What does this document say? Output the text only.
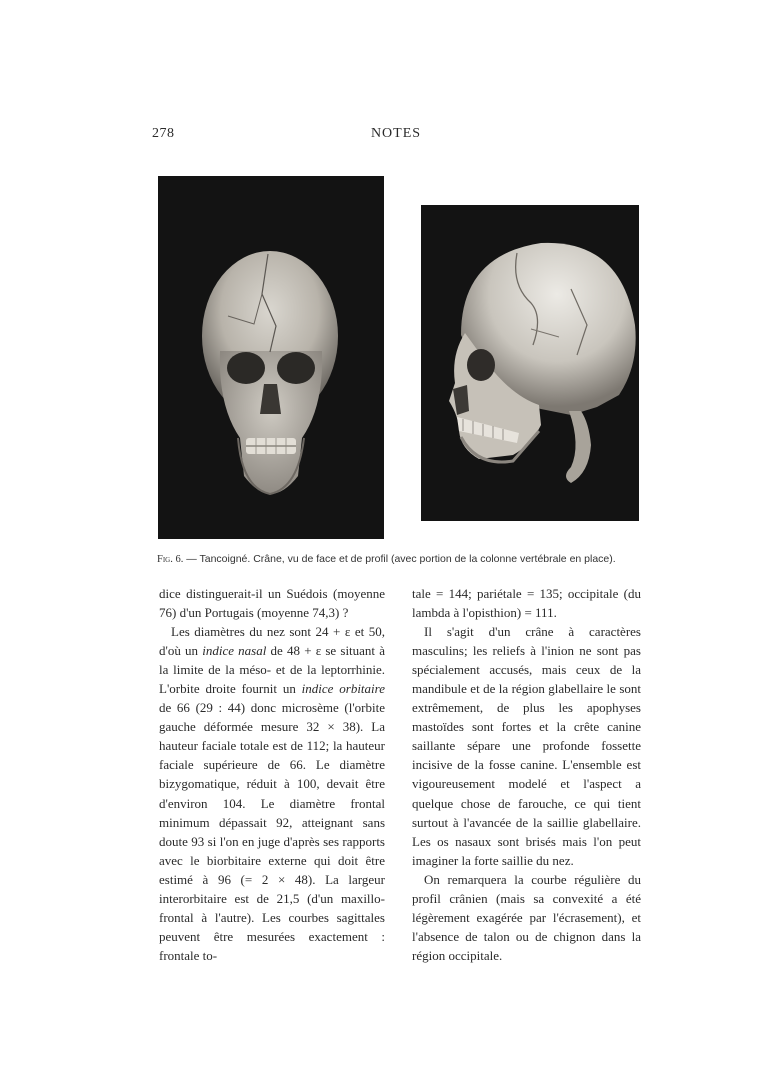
278	NOTES
Fig. 6. — Tancoigné. Crâne, vu de face et de profil (avec portion de la colonne vertébrale en place).

dice distinguerait-il un Suédois (moyenne 76) d'un Portugais (moyenne 74,3) ?

Les diamètres du nez sont 24 + ε et 50, d'où un indice nasal de 48 + ε se situant à la limite de la méso- et de la leptorrhinie. L'orbite droite fournit un indice orbitaire de 66 (29 : 44) donc microsème (l'orbite gauche déformée mesure 32 × 38). La hauteur faciale totale est de 112; la hauteur faciale supérieure de 66. Le diamètre bizygomatique, réduit à 100, devait être d'environ 104. Le diamètre frontal minimum dépassait 92, atteignant sans doute 93 si l'on en juge d'après ses rapports avec le biorbitaire externe qui doit être estimé à 96 (= 2 × 48). La largeur interorbitaire est de 21,5 (d'un maxillo-frontal à l'autre). Les courbes sagittales peuvent être mesurées exactement : frontale to-

tale = 144; pariétale = 135; occipitale (du lambda à l'opisthion) = 111.

Il s'agit d'un crâne à caractères masculins; les reliefs à l'inion ne sont pas spécialement accusés, mais ceux de la mandibule et de la région glabellaire le sont extrêmement, de plus les apophyses mastoïdes sont fortes et la crête canine saillante sépare une profonde fossette incisive de la fosse canine. L'ensemble est vigoureusement modelé et l'aspect a quelque chose de farouche, ce qui tient surtout à l'avancée de la saillie glabellaire. Les os nasaux sont brisés mais l'on peut imaginer la forte saillie du nez.

On remarquera la courbe régulière du profil crânien (mais sa convexité a été légèrement exagérée par l'écrasement), et l'absence de talon ou de chignon dans la région occipitale.
